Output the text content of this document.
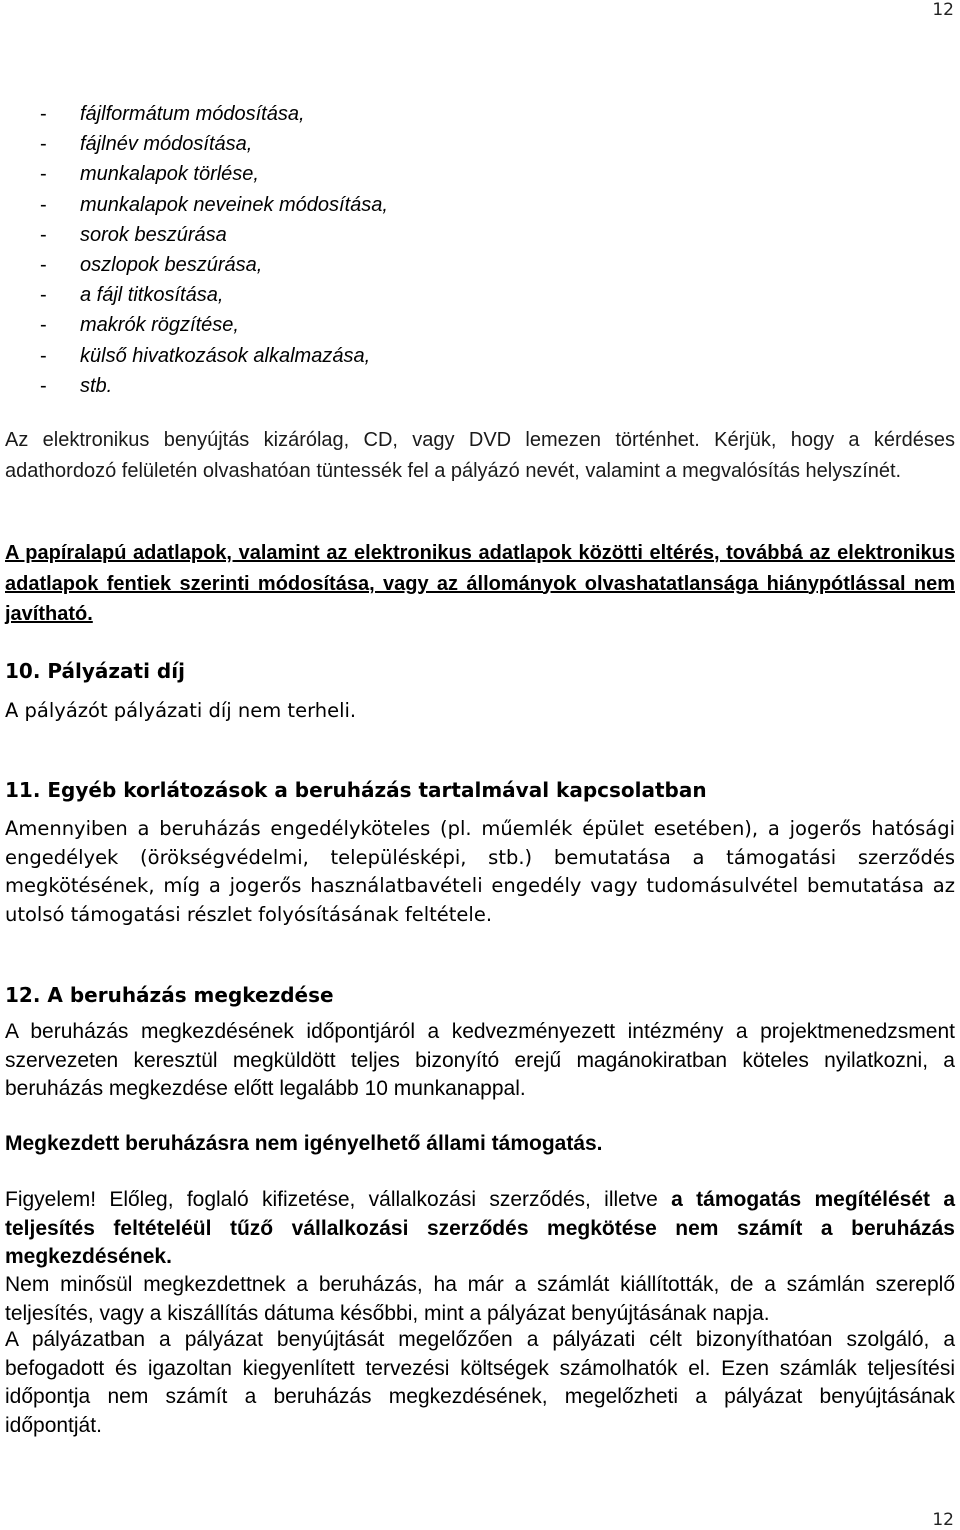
12
-	fájlformátum módosítása,
-	fájlnév módosítása,
-	munkalapok törlése,
-	munkalapok neveinek módosítása,
-	sorok beszúrása
-	oszlopok beszúrása,
-	a fájl titkosítása,
-	makrók rögzítése,
-	külső hivatkozások alkalmazása,
-	stb.

Az elektronikus benyújtás kizárólag, CD, vagy DVD lemezen történhet. Kérjük, hogy a kérdéses adathordozó felületén olvashatóan tüntessék fel a pályázó nevét, valamint a megvalósítás helyszínét.

A papíralapú adatlapok, valamint az elektronikus adatlapok közötti eltérés, továbbá az elektronikus adatlapok fentiek szerinti módosítása, vagy az állományok olvashatatlansága hiánypótlással nem javítható.

10. Pályázati díj

A pályázót pályázati díj nem terheli.

11. Egyéb korlátozások a beruházás tartalmával kapcsolatban

Amennyiben a beruházás engedélyköteles (pl. műemlék épület esetében), a jogerős hatósági engedélyek (örökségvédelmi, településképi, stb.) bemutatása a támogatási szerződés megkötésének, míg a jogerős használatbavételi engedély vagy tudomásulvétel bemutatása az utolsó támogatási részlet folyósításának feltétele.

12. A beruházás megkezdése

A beruházás megkezdésének időpontjáról a kedvezményezett intézmény a projektmenedzsment szervezeten keresztül megküldött teljes bizonyító erejű magánokiratban köteles nyilatkozni, a beruházás megkezdése előtt legalább 10 munkanappal.

Megkezdett beruházásra nem igényelhető állami támogatás.

Figyelem! Előleg, foglaló kifizetése, vállalkozási szerződés, illetve a támogatás megítélését a teljesítés feltételéül tűző vállalkozási szerződés megkötése nem számít a beruházás megkezdésének.

Nem minősül megkezdettnek a beruházás, ha már a számlát kiállították, de a számlán szereplő teljesítés, vagy a kiszállítás dátuma későbbi, mint a pályázat benyújtásának napja.

A pályázatban a pályázat benyújtását megelőzően a pályázati célt bizonyíthatóan szolgáló, a befogadott és igazoltan kiegyenlített tervezési költségek számolhatók el. Ezen számlák teljesítési időpontja nem számít a beruházás megkezdésének, megelőzheti a pályázat benyújtásának időpontját.

12
